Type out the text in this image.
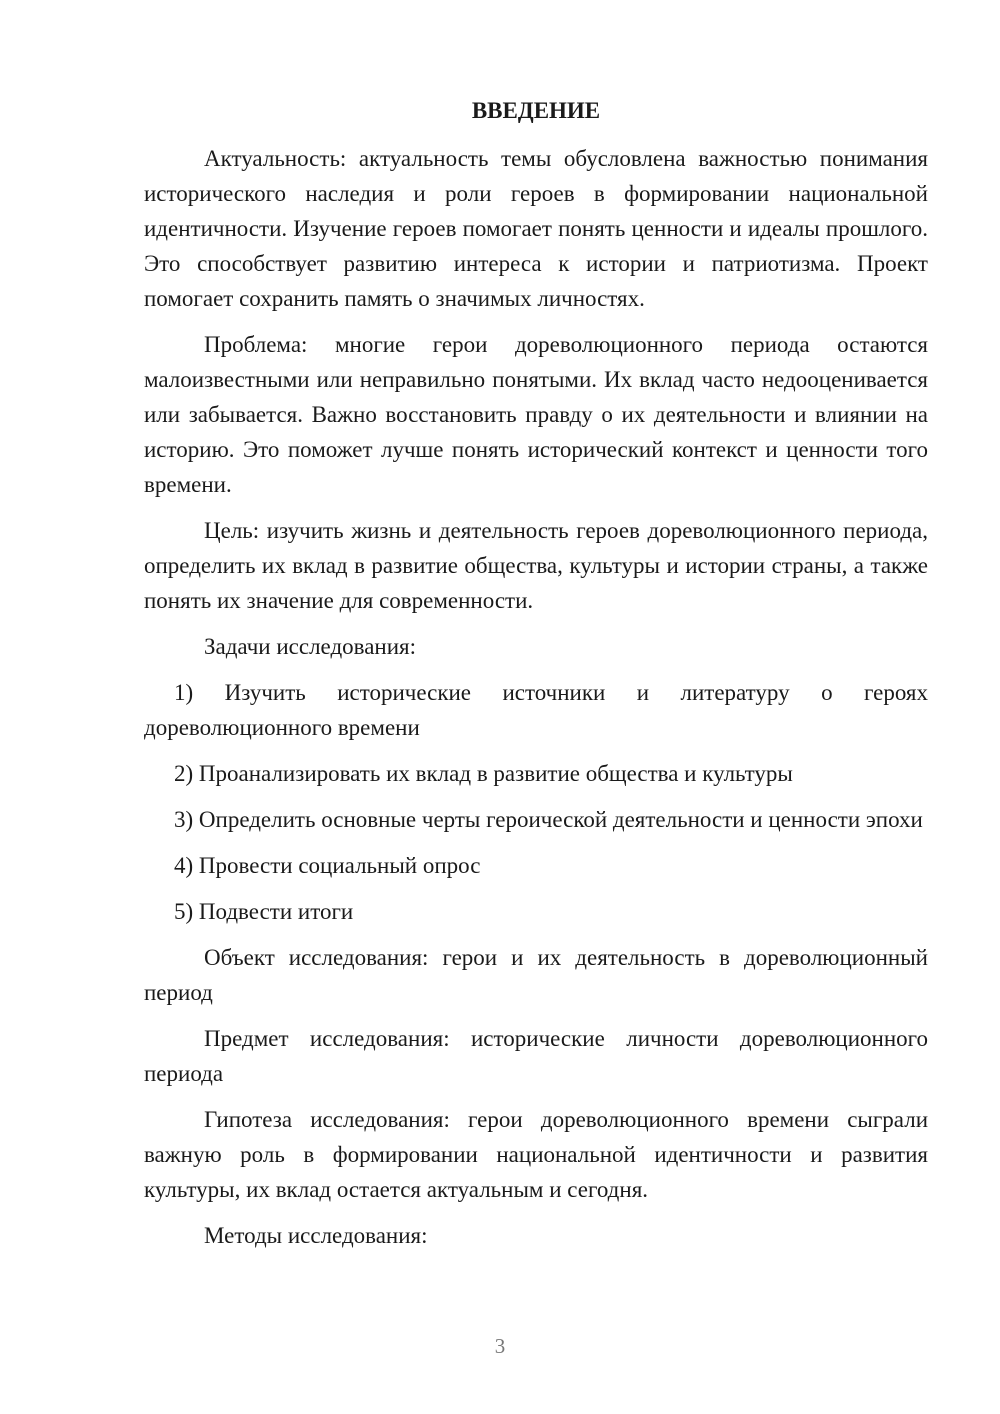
ВВЕДЕНИЕ

Актуальность: актуальность темы обусловлена важностью понимания исторического наследия и роли героев в формировании национальной идентичности. Изучение героев помогает понять ценности и идеалы прошлого. Это способствует развитию интереса к истории и патриотизма. Проект помогает сохранить память о значимых личностях.

Проблема: многие герои дореволюционного периода остаются малоизвестными или неправильно понятыми. Их вклад часто недооценивается или забывается. Важно восстановить правду о их деятельности и влиянии на историю. Это поможет лучше понять исторический контекст и ценности того времени.

Цель: изучить жизнь и деятельность героев дореволюционного периода, определить их вклад в развитие общества, культуры и истории страны, а также понять их значение для современности.

Задачи исследования:

1) Изучить исторические источники и литературу о героях дореволюционного времени

2) Проанализировать их вклад в развитие общества и культуры

3) Определить основные черты героической деятельности и ценности эпохи

4) Провести социальный опрос

5) Подвести итоги

Объект исследования: герои и их деятельность в дореволюционный период

Предмет исследования: исторические личности дореволюционного периода

Гипотеза исследования: герои дореволюционного времени сыграли важную роль в формировании национальной идентичности и развития культуры, их вклад остается актуальным и сегодня.

Методы исследования:

3
